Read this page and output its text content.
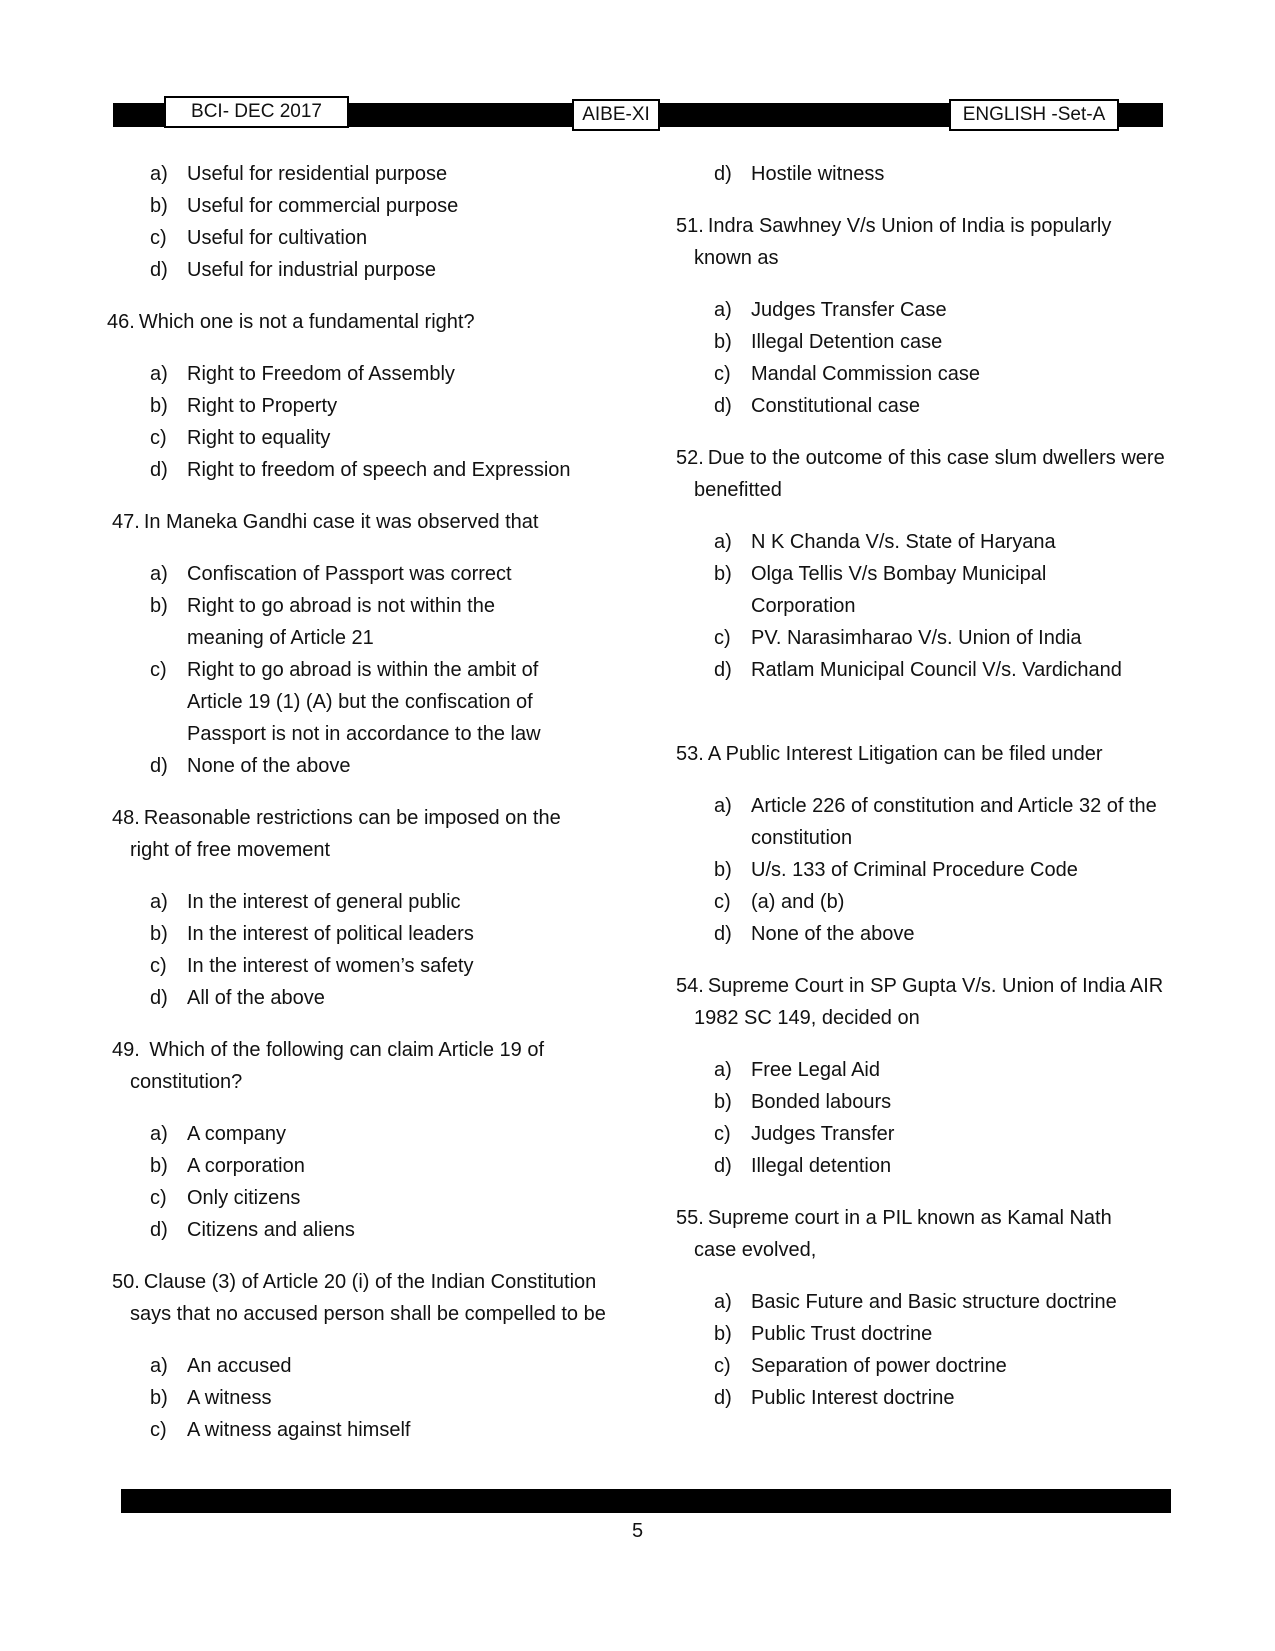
BCI- DEC 2017	AIBE-XI	ENGLISH -Set-A
a) Useful for residential purpose
b) Useful for commercial purpose
c) Useful for cultivation
d) Useful for industrial purpose
46. Which one is not a fundamental right?
a) Right to Freedom of Assembly
b) Right to Property
c) Right to equality
d) Right to freedom of speech and Expression
47. In Maneka Gandhi case it was observed that
a) Confiscation of Passport was correct
b) Right to go abroad is not within the meaning of Article 21
c) Right to go abroad is within the ambit of Article 19 (1) (A) but the confiscation of Passport is not in accordance to the law
d) None of the above
48. Reasonable restrictions can be imposed on the right of free movement
a) In the interest of general public
b) In the interest of political leaders
c) In the interest of women’s safety
d) All of the above
49. Which of the following can claim Article 19 of constitution?
a) A company
b) A corporation
c) Only citizens
d) Citizens and aliens
50. Clause (3) of Article 20 (i) of the Indian Constitution says that no accused person shall be compelled to be
a) An accused
b) A witness
c) A witness against himself
d) Hostile witness
51. Indra Sawhney V/s Union of India is popularly known as
a) Judges Transfer Case
b) Illegal Detention case
c) Mandal Commission case
d) Constitutional case
52. Due to the outcome of this case slum dwellers were benefitted
a) N K Chanda V/s. State of Haryana
b) Olga Tellis V/s Bombay Municipal Corporation
c) PV. Narasimharao V/s. Union of India
d) Ratlam Municipal Council V/s. Vardichand
53. A Public Interest Litigation can be filed under
a) Article 226 of constitution and Article 32 of the constitution
b) U/s. 133 of Criminal Procedure Code
c) (a) and (b)
d) None of the above
54. Supreme Court in SP Gupta V/s. Union of India AIR 1982 SC 149, decided on
a) Free Legal Aid
b) Bonded labours
c) Judges Transfer
d) Illegal detention
55. Supreme court in a PIL known as Kamal Nath case evolved,
a) Basic Future and Basic structure doctrine
b) Public Trust doctrine
c) Separation of power doctrine
d) Public Interest doctrine
5
